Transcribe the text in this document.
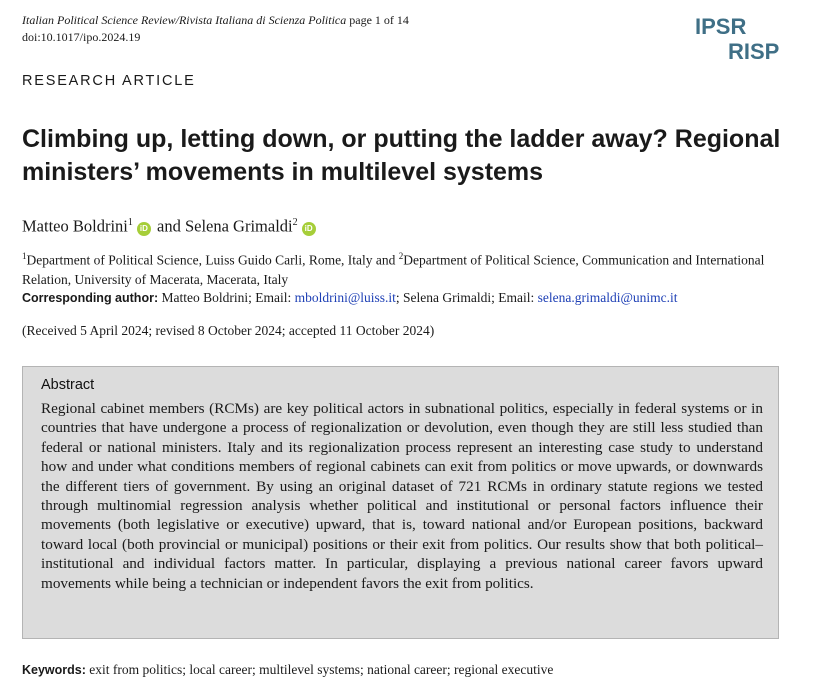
Italian Political Science Review/Rivista Italiana di Scienza Politica page 1 of 14
doi:10.1017/ipo.2024.19	IPSR
RISP
RESEARCH ARTICLE
Climbing up, letting down, or putting the ladder away? Regional ministers’ movements in multilevel systems
Matteo Boldrini$^1$ iD and Selena Grimaldi$^2$ iD
$^1$Department of Political Science, Luiss Guido Carli, Rome, Italy and $^2$Department of Political Science, Communication and International Relation, University of Macerata, Macerata, Italy
Corresponding author: Matteo Boldrini; Email: mboldrini@luiss.it; Selena Grimaldi; Email: selena.grimaldi@unimc.it
(Received 5 April 2024; revised 8 October 2024; accepted 11 October 2024)
Abstract

Regional cabinet members (RCMs) are key political actors in subnational politics, especially in federal systems or in countries that have undergone a process of regionalization or devolution, even though they are still less studied than federal or national ministers. Italy and its regionalization process represent an interesting case study to understand how and under what conditions members of regional cabinets can exit from politics or move upwards, or downwards the different tiers of government. By using an original dataset of 721 RCMs in ordinary statute regions we tested through multinomial regression analysis whether political and institutional or personal factors influence their movements (both legislative or executive) upward, that is, toward national and/or European positions, backward toward local (both provincial or municipal) positions or their exit from politics. Our results show that both political–institutional and individual factors matter. In particular, displaying a previous national career favors upward movements while being a technician or independent favors the exit from politics.

Keywords: exit from politics; local career; multilevel systems; national career; regional executive
